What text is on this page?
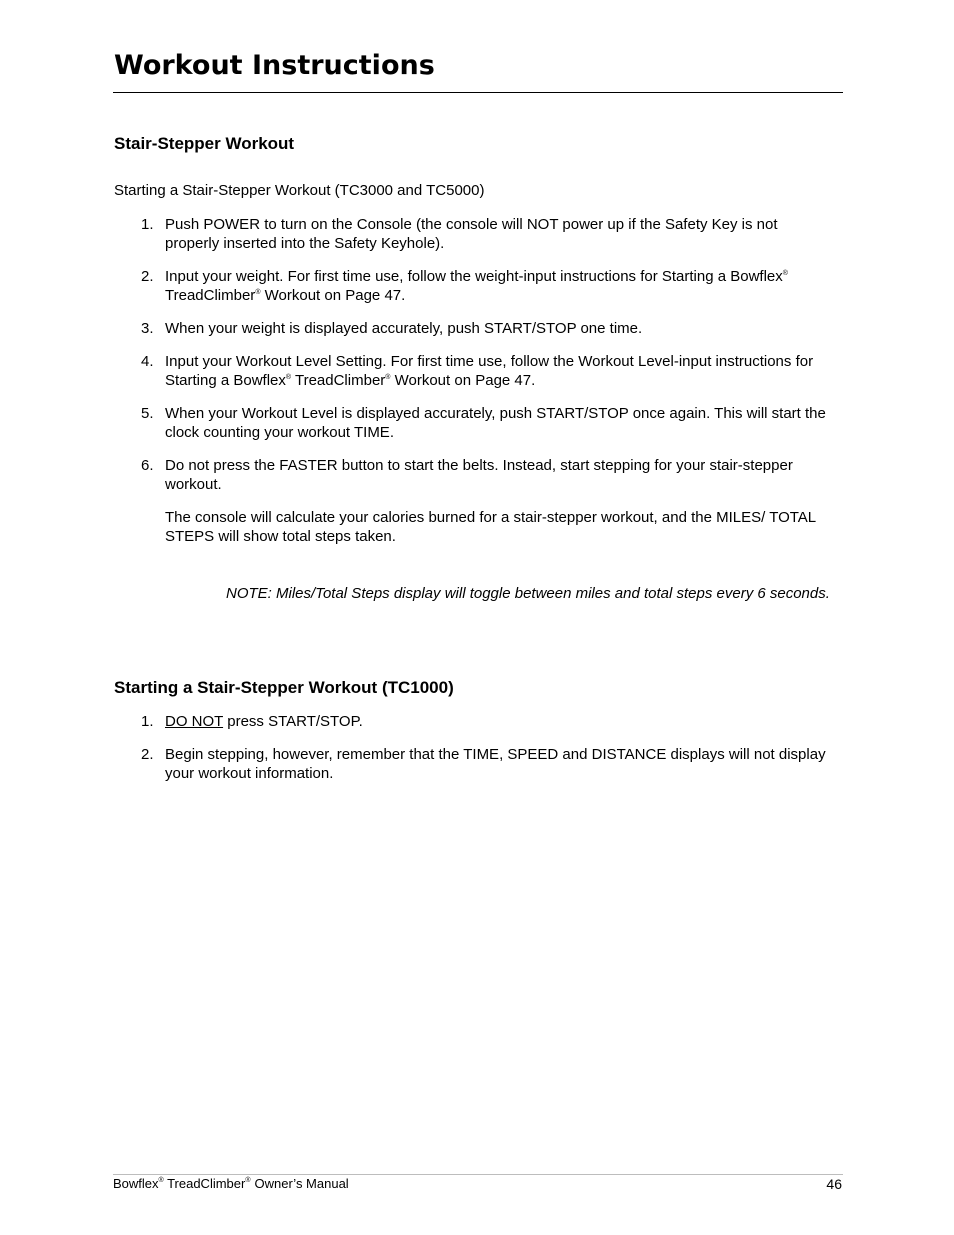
Workout Instructions
Stair-Stepper Workout

Starting a Stair-Stepper Workout (TC3000 and TC5000)

1. Push POWER to turn on the Console (the console will NOT power up if the Safety Key is not properly inserted into the Safety Keyhole).
2. Input your weight. For first time use, follow the weight-input instructions for Starting a Bowflex® TreadClimber® Workout on Page 47.
3. When your weight is displayed accurately, push START/STOP one time.
4. Input your Workout Level Setting. For first time use, follow the Workout Level-input instructions for Starting a Bowflex® TreadClimber® Workout on Page 47.
5. When your Workout Level is displayed accurately, push START/STOP once again. This will start the clock counting your workout TIME.
6. Do not press the FASTER button to start the belts. Instead, start stepping for your stair-stepper workout.
The console will calculate your calories burned for a stair-stepper workout, and the MILES/ TOTAL STEPS will show total steps taken.

NOTE: Miles/Total Steps display will toggle between miles and total steps every 6 seconds.

Starting a Stair-Stepper Workout (TC1000)
1. DO NOT press START/STOP.
2. Begin stepping, however, remember that the TIME, SPEED and DISTANCE displays will not display your workout information.

Bowflex® TreadClimber® Owner’s Manual	46
